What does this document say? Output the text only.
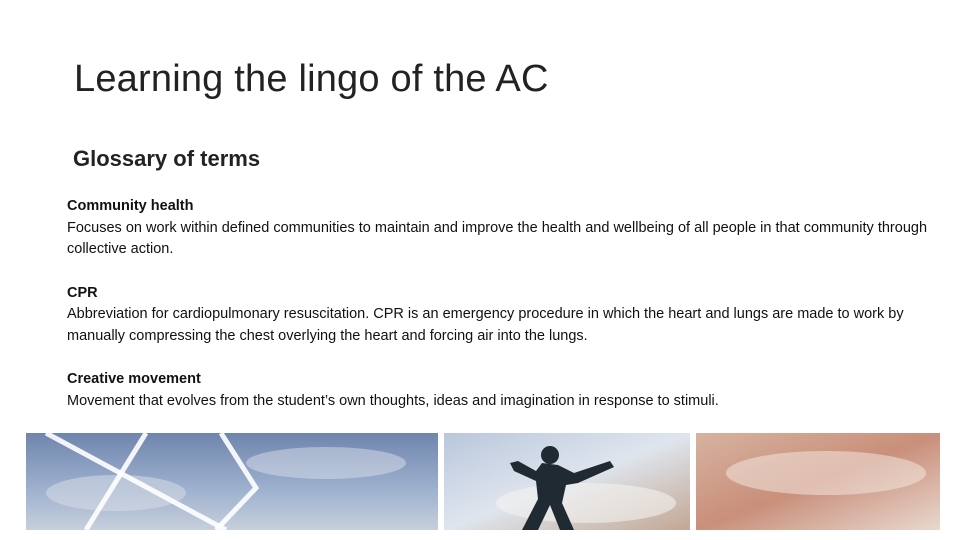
Learning the lingo of the AC
Glossary of terms
Community health
Focuses on work within defined communities to maintain and improve the health and wellbeing of all people in that community through collective action.
CPR
Abbreviation for cardiopulmonary resuscitation. CPR is an emergency procedure in which the heart and lungs are made to work by manually compressing the chest overlying the heart and forcing air into the lungs.
Creative movement
Movement that evolves from the student’s own thoughts, ideas and imagination in response to stimuli.
